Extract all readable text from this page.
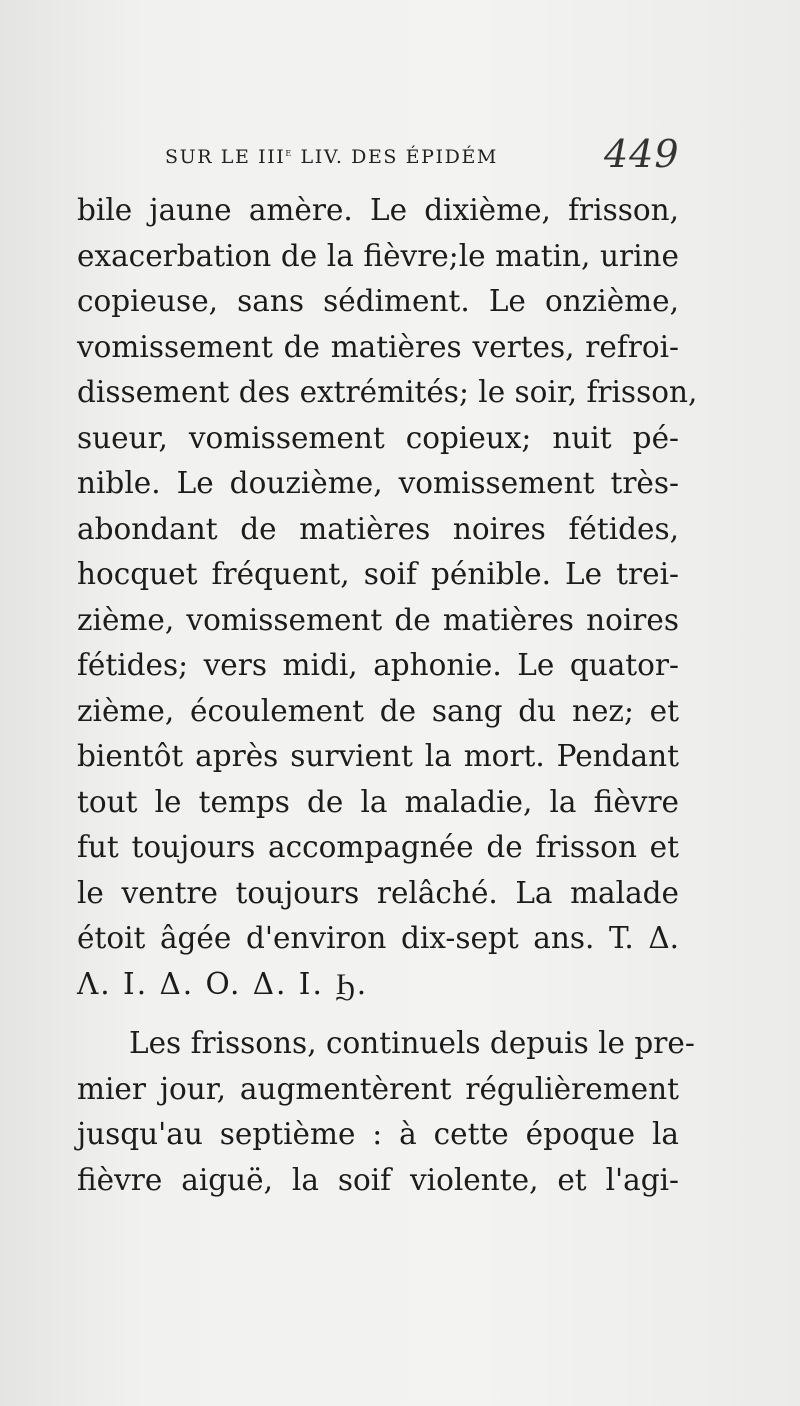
SUR LE IIIe LIV. DES ÉPIDÉM	449
bile jaune amère. Le dixième, frisson,
exacerbation de la fièvre;le matin, urine
copieuse, sans sédiment. Le onzième,
vomissement de matières vertes, refroi-
dissement des extrémités; le soir, frisson,
sueur, vomissement copieux; nuit pé-
nible. Le douzième, vomissement très-
abondant de matières noires fétides,
hocquet fréquent, soif pénible. Le trei-
zième, vomissement de matières noires
fétides; vers midi, aphonie. Le quator-
zième, écoulement de sang du nez; et
bientôt après survient la mort. Pendant
tout le temps de la maladie, la fièvre
fut toujours accompagnée de frisson et
le ventre toujours relâché. La malade
étoit âgée d'environ dix-sept ans. T. Δ.
Λ. I. Δ. O. Δ. I. Ϧ.
Les frissons, continuels depuis le pre-
mier jour, augmentèrent régulièrement
jusqu'au septième : à cette époque la
fièvre aiguë, la soif violente, et l'agi-
